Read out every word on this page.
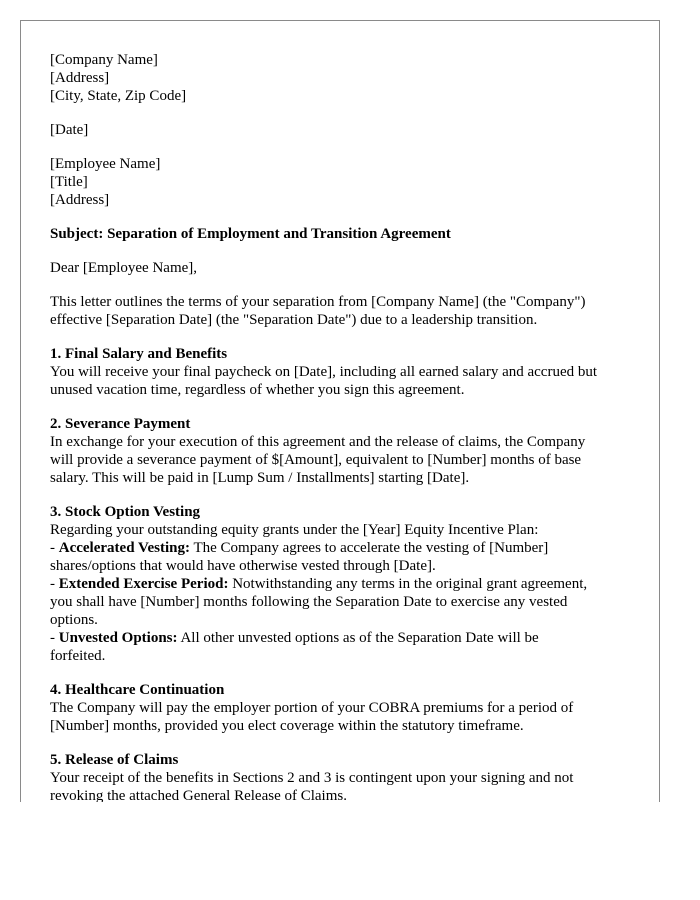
[Company Name]
[Address]
[City, State, Zip Code]
[Date]
[Employee Name]
[Title]
[Address]
Subject: Separation of Employment and Transition Agreement
Dear [Employee Name],
This letter outlines the terms of your separation from [Company Name] (the "Company")
effective [Separation Date] (the "Separation Date") due to a leadership transition.
1. Final Salary and Benefits
You will receive your final paycheck on [Date], including all earned salary and accrued but
unused vacation time, regardless of whether you sign this agreement.
2. Severance Payment
In exchange for your execution of this agreement and the release of claims, the Company
will provide a severance payment of $[Amount], equivalent to [Number] months of base
salary. This will be paid in [Lump Sum / Installments] starting [Date].
3. Stock Option Vesting
Regarding your outstanding equity grants under the [Year] Equity Incentive Plan:
- Accelerated Vesting: The Company agrees to accelerate the vesting of [Number]
shares/options that would have otherwise vested through [Date].
- Extended Exercise Period: Notwithstanding any terms in the original grant agreement,
you shall have [Number] months following the Separation Date to exercise any vested
options.
- Unvested Options: All other unvested options as of the Separation Date will be
forfeited.
4. Healthcare Continuation
The Company will pay the employer portion of your COBRA premiums for a period of
[Number] months, provided you elect coverage within the statutory timeframe.
5. Release of Claims
Your receipt of the benefits in Sections 2 and 3 is contingent upon your signing and not
revoking the attached General Release of Claims.
